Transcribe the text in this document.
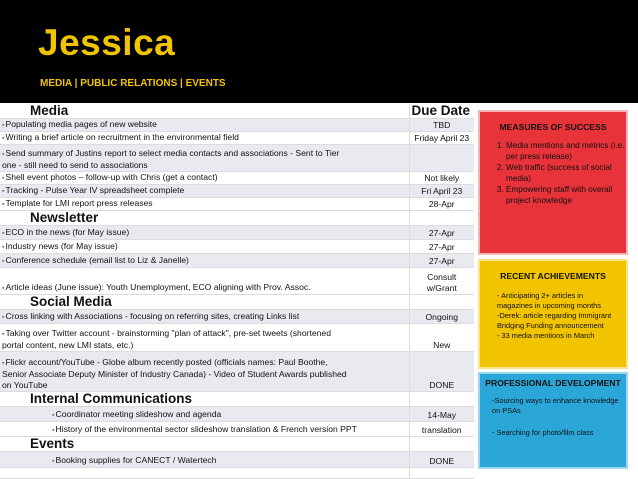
Jessica
MEDIA | PUBLIC RELATIONS | EVENTS
Media	Due Date
▪Populating media pages of new website	TBD
▪Writing a brief article on recruitment in the environmental field	Friday April 23
▪Send summary of Justins report to select media contacts and associations - Sent to Tier
one - still need to send to associations	
▪Shell event photos – follow-up with Chris (get a contact)	Not likely
▪Tracking - Pulse Year IV spreadsheet complete	Fri April 23
▪Template for LMI report press releases	28-Apr
Newsletter	
▪ECO in the news (for May issue)	27-Apr
▪Industry news (for May issue)	27-Apr
▪Conference schedule (email list to Liz & Janelle)	27-Apr
▪Article ideas (June issue): Youth Unemployment, ECO aligning with Prov. Assoc.	Consult
w/Grant
Social Media	
▪Cross linking with Associations - focusing on referring sites, creating Links list	Ongoing
▪Taking over Twitter account - brainstorming "plan of attack", pre-set tweets (shortened
portal content, new LMI stats, etc.)	New
▪Flickr account/YouTube - Globe album recently posted (officials names: Paul Boothe,
Senior Associate Deputy Minister of Industry Canada) - Video of Student Awards published
on YouTube	DONE
Internal Communications	
▪Coordinator meeting slideshow and agenda	14-May
▪History of the environmental sector slideshow translation & French version PPT	translation
Events	
▪Booking supplies for CANECT / Watertech	DONE

MEASURES OF SUCCESS
1. Media mentions and metrics (i.e. per press release)
2. Web traffic (success of social media)
3. Empowering staff with overall project knowledge
RECENT ACHIEVEMENTS
- Anticipating 2+ articles in magazines in upcoming months
-Derek: article regarding Immigrant Bridging Funding announcement
- 33 media mentions in March
PROFESSIONAL DEVELOPMENT
-Sourcing ways to enhance knowledge on PSAs
- Searching for photo/film class
